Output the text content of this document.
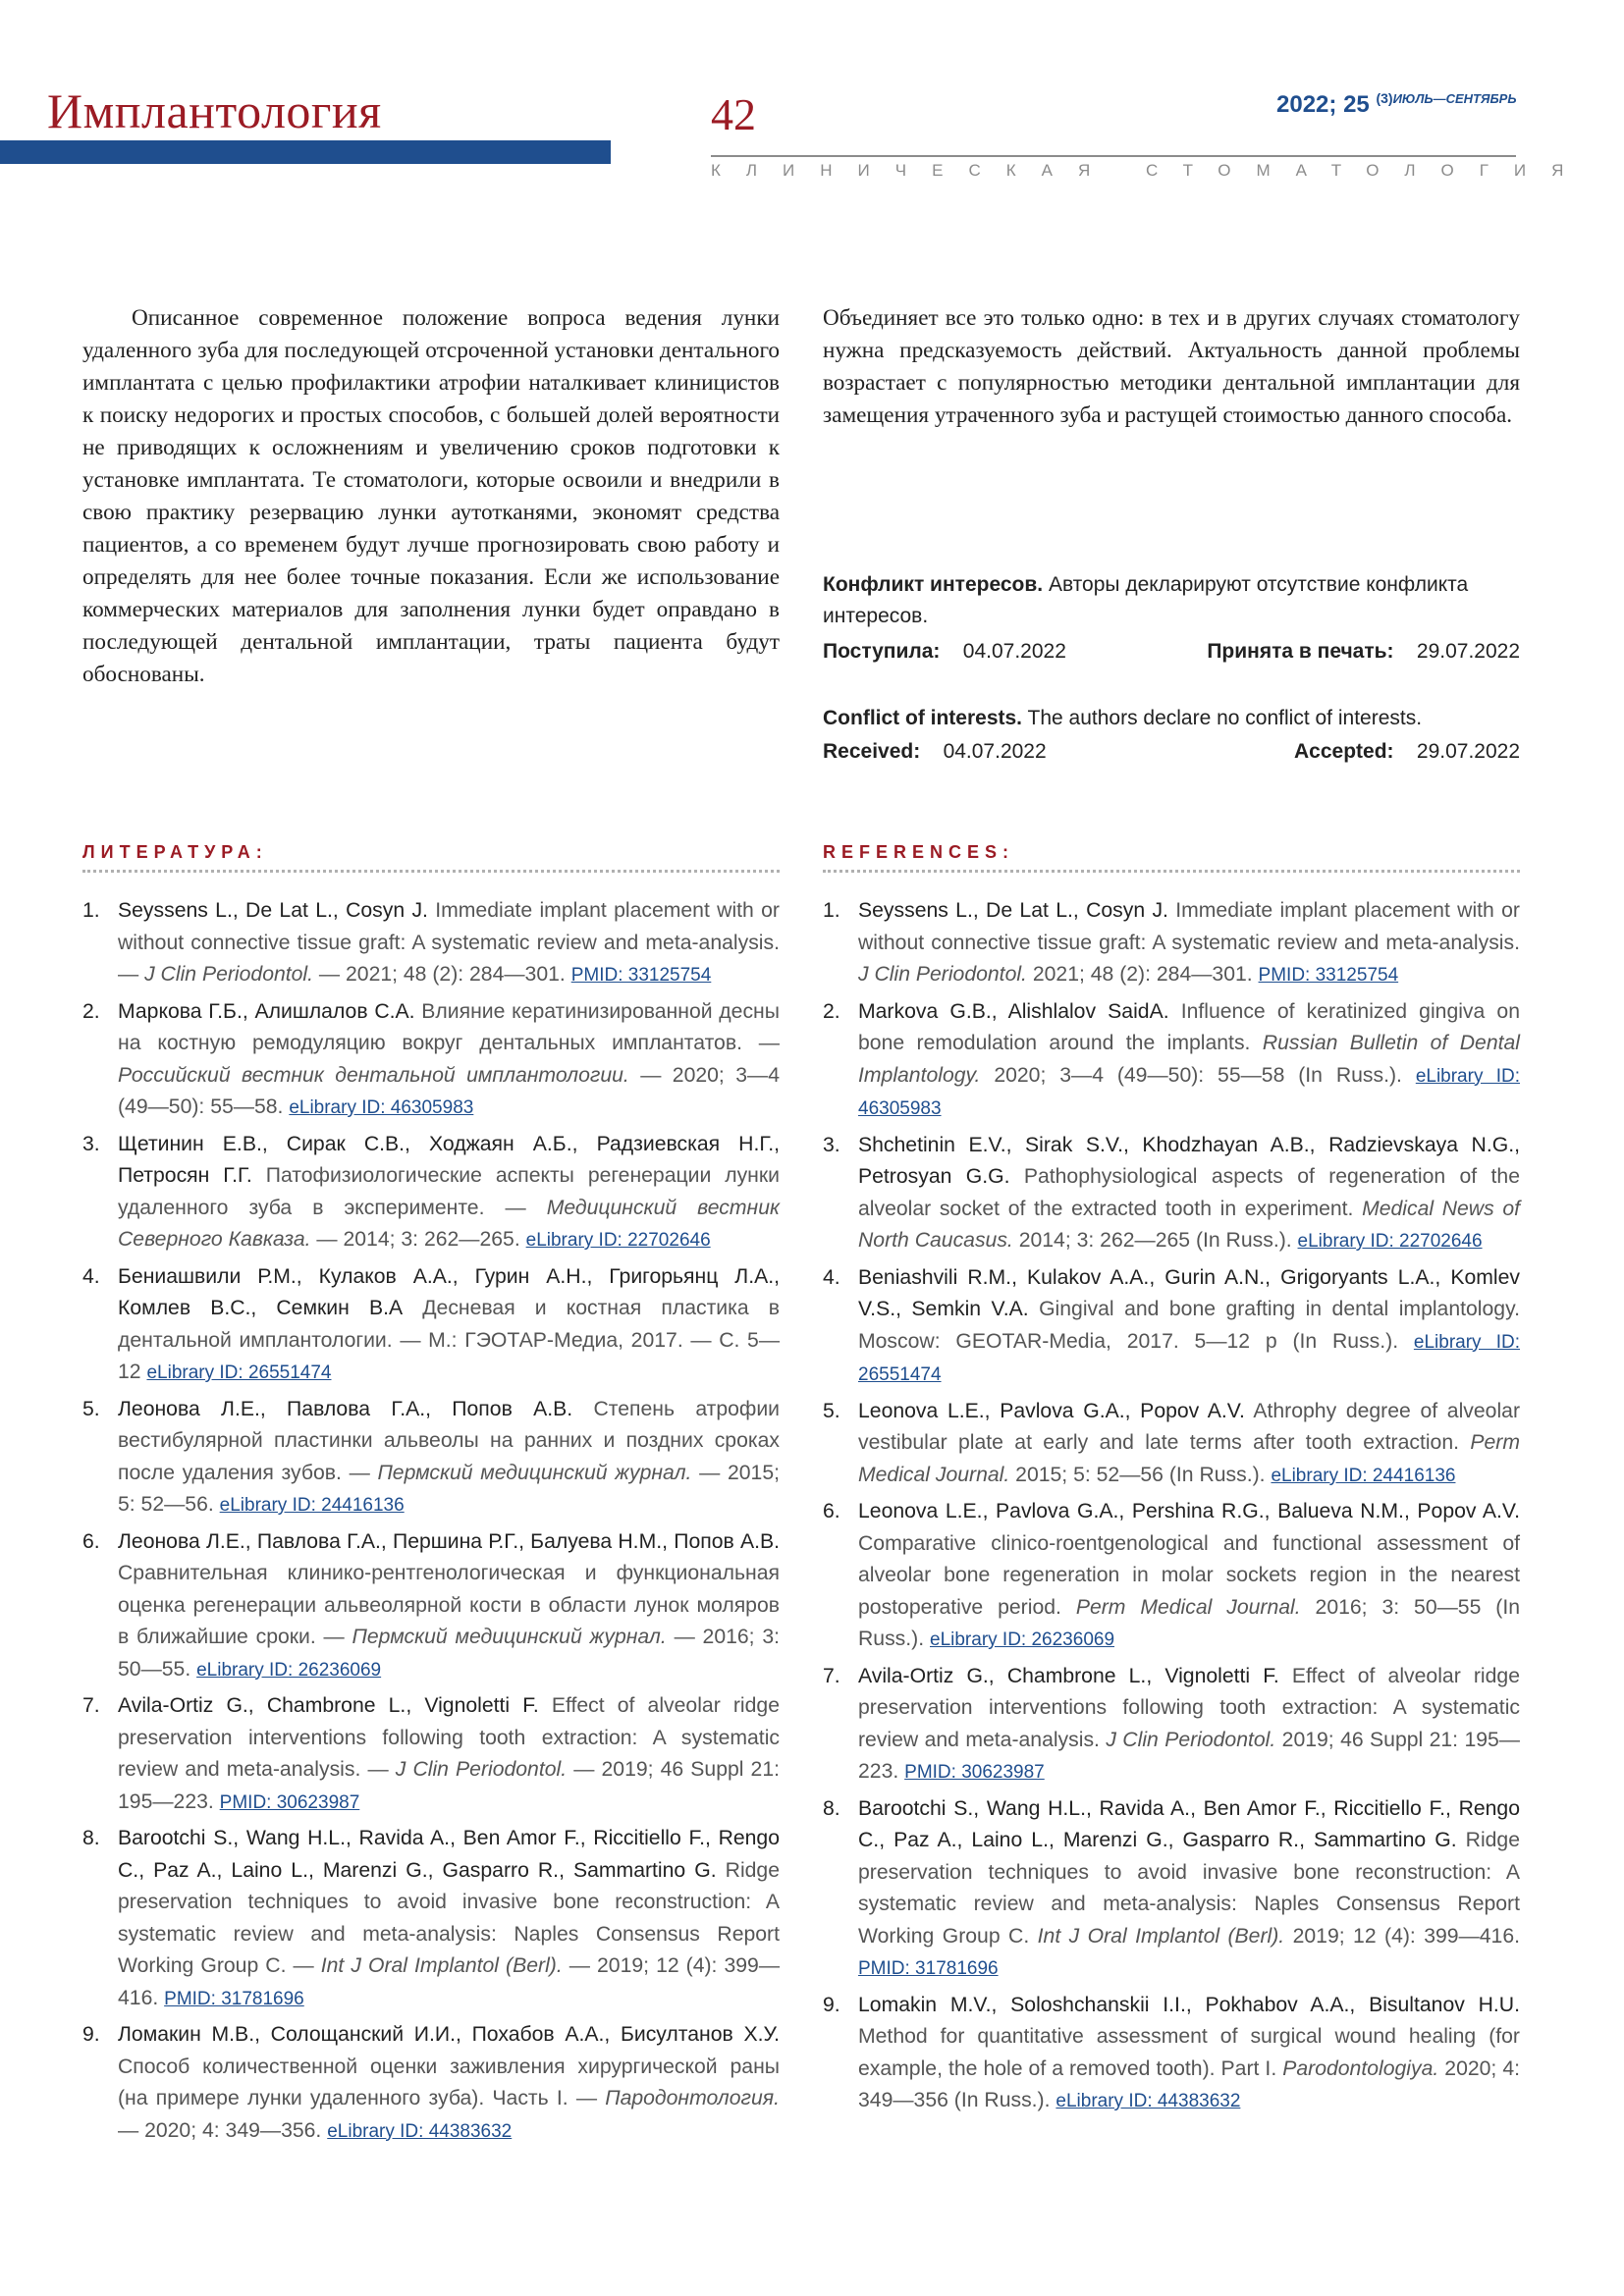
Имплантология	42	2022; 25 $^{(3)ИЮЛЬ—СЕНТЯБРЬ}$
КЛИНИЧЕСКАЯ СТОМАТОЛОГИЯ
Описанное современное положение вопроса ведения лунки удаленного зуба для последующей отсроченной установки дентального имплантата с целью профилактики атрофии наталкивает клиницистов к поиску недорогих и простых способов, с большей долей вероятности не приводящих к осложнениям и увеличению сроков подготовки к установке имплантата. Те стоматологи, которые освоили и внедрили в свою практику резервацию лунки аутотканями, экономят средства пациентов, а со временем будут лучше прогнозировать свою работу и определять для нее более точные показания. Если же использование коммерческих материалов для заполнения лунки будет оправдано в последующей дентальной имплантации, траты пациента будут обоснованы.
Объединяет все это только одно: в тех и в других случаях стоматологу нужна предсказуемость действий. Актуальность данной проблемы возрастает с популярностью методики дентальной имплантации для замещения утраченного зуба и растущей стоимостью данного способа.
Конфликт интересов. Авторы декларируют отсутствие конфликта интересов.
Поступила: 04.07.2022	Принята в печать: 29.07.2022
Conflict of interests. The authors declare no conflict of interests.
Received: 04.07.2022	Accepted: 29.07.2022
ЛИТЕРАТУРА:	REFERENCES:
1. Seyssens L., De Lat L., Cosyn J. Immediate implant placement with or without connective tissue graft: A systematic review and meta-analysis. — J Clin Periodontol. — 2021; 48 (2): 284—301. PMID: 33125754
2. Маркова Г.Б., Алишлалов С.А. Влияние кератинизированной десны на костную ремодуляцию вокруг дентальных имплантатов. — Российский вестник дентальной имплантологии. — 2020; 3—4 (49—50): 55—58. eLibrary ID: 46305983
3. Щетинин Е.В., Сирак С.В., Ходжаян А.Б., Радзиевская Н.Г., Петросян Г.Г. Патофизиологические аспекты регенерации лунки удаленного зуба в эксперименте. — Медицинский вестник Северного Кавказа. — 2014; 3: 262—265. eLibrary ID: 22702646
4. Бениашвили Р.М., Кулаков А.А., Гурин А.Н., Григорьянц Л.А., Комлев В.С., Семкин В.А Десневая и костная пластика в дентальной имплантологии. — М.: ГЭОТАР-Медиа, 2017. — С. 5—12 eLibrary ID: 26551474
5. Леонова Л.Е., Павлова Г.А., Попов А.В. Степень атрофии вестибулярной пластинки альвеолы на ранних и поздних сроках после удаления зубов. — Пермский медицинский журнал. — 2015; 5: 52—56. eLibrary ID: 24416136
6. Леонова Л.Е., Павлова Г.А., Першина Р.Г., Балуева Н.М., Попов А.В. Сравнительная клинико-рентгенологическая и функциональная оценка регенерации альвеолярной кости в области лунок моляров в ближайшие сроки. — Пермский медицинский журнал. — 2016; 3: 50—55. eLibrary ID: 26236069
7. Avila-Ortiz G., Chambrone L., Vignoletti F. Effect of alveolar ridge preservation interventions following tooth extraction: A systematic review and meta-analysis. — J Clin Periodontol. — 2019; 46 Suppl 21: 195—223. PMID: 30623987
8. Barootchi S., Wang H.L., Ravida A., Ben Amor F., Riccitiello F., Rengo C., Paz A., Laino L., Marenzi G., Gasparro R., Sammartino G. Ridge preservation techniques to avoid invasive bone reconstruction: A systematic review and meta-analysis: Naples Consensus Report Working Group C. — Int J Oral Implantol (Berl). — 2019; 12 (4): 399—416. PMID: 31781696
9. Ломакин М.В., Солощанский И.И., Похабов А.А., Бисултанов Х.У. Способ количественной оценки заживления хирургической раны (на примере лунки удаленного зуба). Часть I. — Пародонтология. — 2020; 4: 349—356. eLibrary ID: 44383632
1. Seyssens L., De Lat L., Cosyn J. Immediate implant placement with or without connective tissue graft: A systematic review and meta-analysis. J Clin Periodontol. 2021; 48 (2): 284—301. PMID: 33125754
2. Markova G.B., Alishlalov SaidA. Influence of keratinized gingiva on bone remodulation around the implants. Russian Bulletin of Dental Implantology. 2020; 3—4 (49—50): 55—58 (In Russ.). eLibrary ID: 46305983
3. Shchetinin E.V., Sirak S.V., Khodzhayan A.B., Radzievskaya N.G., Petrosyan G.G. Pathophysiological aspects of regeneration of the alveolar socket of the extracted tooth in experiment. Medical News of North Caucasus. 2014; 3: 262—265 (In Russ.). eLibrary ID: 22702646
4. Beniashvili R.M., Kulakov A.A., Gurin A.N., Grigoryants L.A., Komlev V.S., Semkin V.A. Gingival and bone grafting in dental implantology. Moscow: GEOTAR-Media, 2017. 5—12 p (In Russ.). eLibrary ID: 26551474
5. Leonova L.E., Pavlova G.A., Popov A.V. Athrophy degree of alveolar vestibular plate at early and late terms after tooth extraction. Perm Medical Journal. 2015; 5: 52—56 (In Russ.). eLibrary ID: 24416136
6. Leonova L.E., Pavlova G.A., Pershina R.G., Balueva N.M., Popov A.V. Comparative clinico-roentgenological and functional assessment of alveolar bone regeneration in molar sockets region in the nearest postoperative period. Perm Medical Journal. 2016; 3: 50—55 (In Russ.). eLibrary ID: 26236069
7. Avila-Ortiz G., Chambrone L., Vignoletti F. Effect of alveolar ridge preservation interventions following tooth extraction: A systematic review and meta-analysis. J Clin Periodontol. 2019; 46 Suppl 21: 195—223. PMID: 30623987
8. Barootchi S., Wang H.L., Ravida A., Ben Amor F., Riccitiello F., Rengo C., Paz A., Laino L., Marenzi G., Gasparro R., Sammartino G. Ridge preservation techniques to avoid invasive bone reconstruction: A systematic review and meta-analysis: Naples Consensus Report Working Group C. Int J Oral Implantol (Berl). 2019; 12 (4): 399—416. PMID: 31781696
9. Lomakin M.V., Soloshchanskii I.I., Pokhabov A.A., Bisultanov H.U. Method for quantitative assessment of surgical wound healing (for example, the hole of a removed tooth). Part I. Parodontologiya. 2020; 4: 349—356 (In Russ.). eLibrary ID: 44383632
